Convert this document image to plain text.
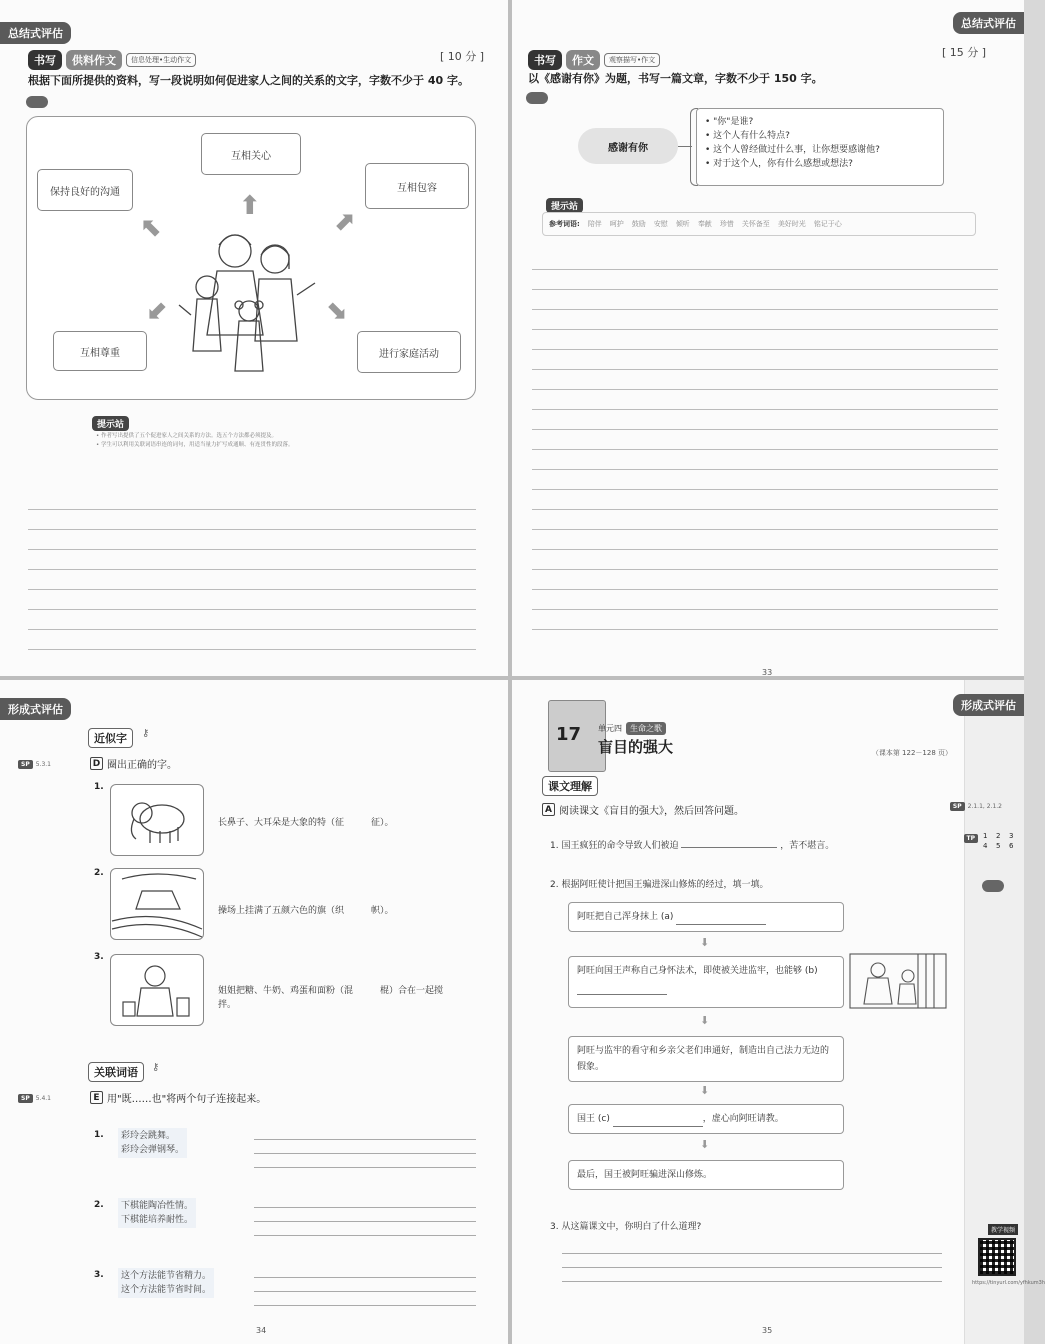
总结式评估
书写	供料作文	信息处理•生动作文	[ 10 分 ]
根据下面所提供的资料，写一段说明如何促进家人之间的关系的文字，字数不少于 40 字。
互相关心
保持良好的沟通	互相包容
互相尊重	进行家庭活动
⬆
⬉	⬈
⬋	⬊
提示站
• 作者写出提供了五个促进家人之间关系的方法。选五个方法都必须提及。
• 学生可以利用关联词语串连的词句，用适当量力扩写成通顺、有连贯性的段落。
总结式评估
书写	作文	观察描写•作文
[ 15 分 ]
以《感谢有你》为题，书写一篇文章，字数不少于 150 字。
感谢有你
• "你"是谁?
• 这个人有什么特点?
• 这个人曾经做过什么事，让你想要感谢他?
• 对于这个人，你有什么感想或想法?
提示站
参考词语: 陪伴 呵护 鼓励 安慰 倾听 奉献 珍惜 关怀备至 美好时光 铭记于心
33
形成式评估
近似字	⚷
SP	5.3.1	D 圈出正确的字。
1.
长鼻子、大耳朵是大象的特（征　　　征）。
2.
操场上挂满了五颜六色的旗（织　　　帜）。
3.
姐姐把糖、牛奶、鸡蛋和面粉（混　　　棍）合在一起搅拌。
关联词语	⚷
SP	5.4.1	E 用"既……也"将两个句子连接起来。
1. 彩玲会跳舞。
彩玲会弹钢琴。
2. 下棋能陶冶性情。
下棋能培养耐性。
3. 这个方法能节省精力。
这个方法能节省时间。
34
形成式评估
17 单元四	生命之歌
盲目的强大	（课本第 122－128 页）
课文理解
A 阅读课文《盲目的强大》，然后回答问题。
1. 国王疯狂的命令导致人们被迫	，苦不堪言。
2. 根据阿旺使计把国王骗进深山修炼的经过，填一填。
阿旺把自己浑身抹上 (a)
⬇
阿旺向国王声称自己身怀法术，即使被关进监牢，也能够 (b)
⬇
阿旺与监牢的看守和乡亲父老们串通好，制造出自己法力无边的假象。
⬇
国王 (c)	，虚心向阿旺请教。
⬇
最后，国王被阿旺骗进深山修炼。
3. 从这篇课文中，你明白了什么道理?
SP	2.1.1, 2.1.2
TP	1	2	3
4	5	6
教学视频
https://tinyurl.com/yfhkum3h
35
